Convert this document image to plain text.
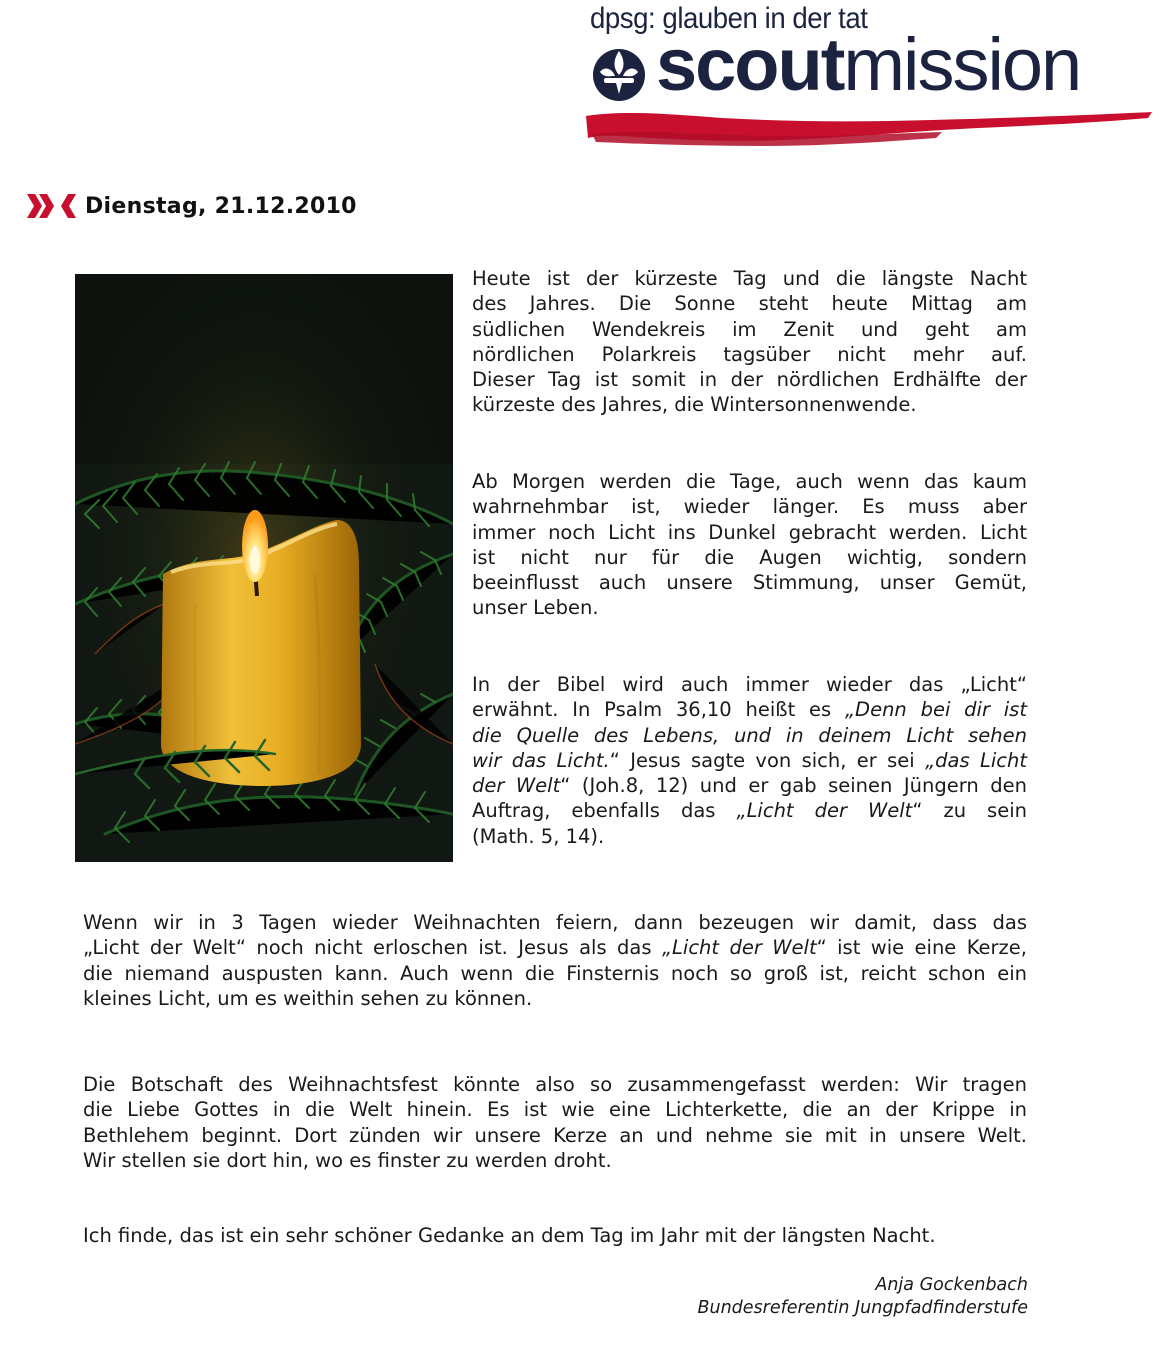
dpsg: glauben in der tat
scoutmission
Dienstag, 21.12.2010
Heute ist der kürzeste Tag und die längste Nacht
des Jahres. Die Sonne steht heute Mittag am
südlichen Wendekreis im Zenit und geht am
nördlichen Polarkreis tagsüber nicht mehr auf.
Dieser Tag ist somit in der nördlichen Erdhälfte der
kürzeste des Jahres, die Wintersonnenwende.
Ab Morgen werden die Tage, auch wenn das kaum
wahrnehmbar ist, wieder länger. Es muss aber
immer noch Licht ins Dunkel gebracht werden. Licht
ist nicht nur für die Augen wichtig, sondern
beeinflusst auch unsere Stimmung, unser Gemüt,
unser Leben.
In der Bibel wird auch immer wieder das „Licht“
erwähnt. In Psalm 36,10 heißt es „Denn bei dir ist
die Quelle des Lebens, und in deinem Licht sehen
wir das Licht.“ Jesus sagte von sich, er sei „das Licht
der Welt“ (Joh.8, 12) und er gab seinen Jüngern den
Auftrag, ebenfalls das „Licht der Welt“ zu sein
(Math. 5, 14).
Wenn wir in 3 Tagen wieder Weihnachten feiern, dann bezeugen wir damit, dass das
„Licht der Welt“ noch nicht erloschen ist. Jesus als das „Licht der Welt“ ist wie eine Kerze,
die niemand auspusten kann. Auch wenn die Finsternis noch so groß ist, reicht schon ein
kleines Licht, um es weithin sehen zu können.
Die Botschaft des Weihnachtsfest könnte also so zusammengefasst werden: Wir tragen
die Liebe Gottes in die Welt hinein. Es ist wie eine Lichterkette, die an der Krippe in
Bethlehem beginnt. Dort zünden wir unsere Kerze an und nehme sie mit in unsere Welt.
Wir stellen sie dort hin, wo es finster zu werden droht.
Ich finde, das ist ein sehr schöner Gedanke an dem Tag im Jahr mit der längsten Nacht.
Anja Gockenbach
Bundesreferentin Jungpfadfinderstufe
